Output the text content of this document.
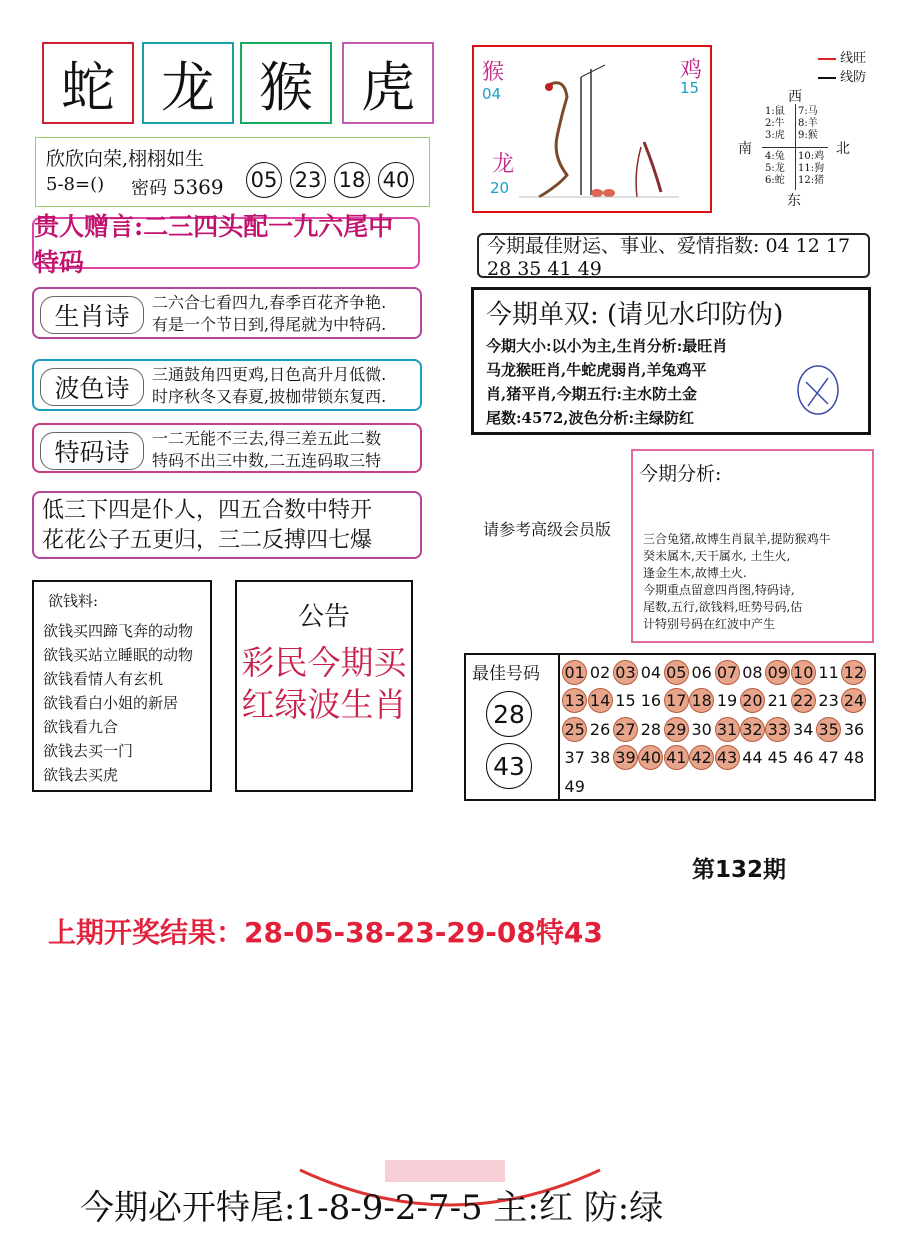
蛇 龙 猴 虎
欣欣向荣,栩栩如生
5-8=() 密码 5369 05 23 18 40
贵人赠言:二三四头配一九六尾中特码
生肖诗	二六合七看四九,春季百花齐争艳.
有是一个节日到,得尾就为中特码.
波色诗	三通鼓角四更鸡,日色高升月低微.
时序秋冬又春夏,披枷带锁东复西.
特码诗	一二无能不三去,得三差五此二数
特码不出三中数,二五连码取三特
低三下四是仆人，四五合数中特开
花花公子五更归，三二反搏四七爆
欲钱料:
欲钱买四蹄飞奔的动物
欲钱买站立睡眠的动物
欲钱看情人有玄机
欲钱看白小姐的新居
欲钱看九合
欲钱去买一门
欲钱去买虎
公告
彩民今期买
红绿波生肖
猴
04
鸡
15
龙
20
线旺
线防
西
南	北
东
1:鼠
2:牛
3:虎
7:马
8:羊
9:猴
4:兔
5:龙
6:蛇
10:鸡
11:狗
12:猪
今期最佳财运、事业、爱情指数: 04 12 17 28 35 41 49
今期单双: (请见水印防伪)
今期大小:以小为主,生肖分析:最旺肖
马龙猴旺肖,牛蛇虎弱肖,羊兔鸡平
肖,猪平肖,今期五行:主水防土金
尾数:4572,波色分析:主绿防红
今期分析:
三合兔猪,故博生肖鼠羊,提防猴鸡牛
癸未属木,天干属水, 土生火,
逢金生木,故博土火.
今期重点留意四肖图,特码诗,
尾数,五行,欲钱料,旺势号码,估
计特别号码在红波中产生
请参考高级会员版
最佳号码
28
43
01 02 03 04 05 06 07 08 09 10 11 12
13 14 15 16 17 18 19 20 21 22 23 24
25 26 27 28 29 30 31 32 33 34 35 36
37 38 39 40 41 42 43 44 45 46 47 48
49
第132期
上期开奖结果：28-05-38-23-29-08特43
今期必开特尾:1-8-9-2-7-5 主:红 防:绿
